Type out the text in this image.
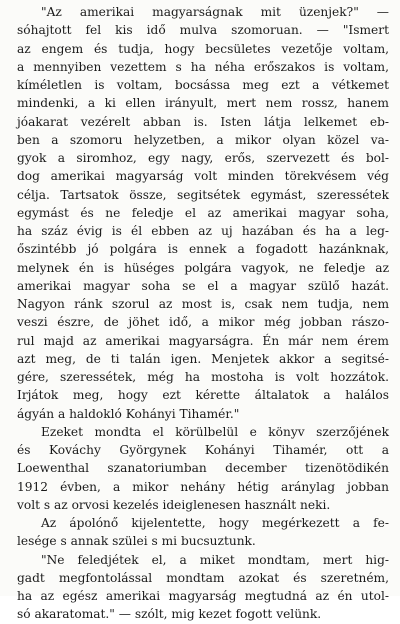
"Az amerikai magyarságnak mit üzenjek?" —
sóhajtott fel kis idő mulva szomoruan. — "Ismert
az engem és tudja, hogy becsületes vezetője voltam,
a mennyiben vezettem s ha néha erőszakos is voltam,
kíméletlen is voltam, bocsássa meg ezt a vétkemet
mindenki, a ki ellen irányult, mert nem rossz, hanem
jóakarat vezérelt abban is. Isten látja lelkemet eb-
ben a szomoru helyzetben, a mikor olyan közel va-
gyok a siromhoz, egy nagy, erős, szervezett és bol-
dog amerikai magyarság volt minden törekvésem vég
célja. Tartsatok össze, segitsétek egymást, szeressétek
egymást és ne feledje el az amerikai magyar soha,
ha száz évig is él ebben az uj hazában és ha a leg-
őszintébb jó polgára is ennek a fogadott hazánknak,
melynek én is hüséges polgára vagyok, ne feledje az
amerikai magyar soha se el a magyar szülő hazát.
Nagyon ránk szorul az most is, csak nem tudja, nem
veszi észre, de jöhet idő, a mikor még jobban rászo-
rul majd az amerikai magyarságra. Én már nem érem
azt meg, de ti talán igen. Menjetek akkor a segitsé-
gére, szeressétek, még ha mostoha is volt hozzátok.
Irjátok meg, hogy ezt kérette általatok a halálos
ágyán a haldokló Kohányi Tihamér."

Ezeket mondta el körülbelül e könyv szerzőjének
és Kováchy Györgynek Kohányi Tihamér, ott a
Loewenthal szanatoriumban december tizenötödikén
1912 évben, a mikor nehány hétig aránylag jobban
volt s az orvosi kezelés ideiglenesen használt neki.

Az ápolónő kijelentette, hogy megérkezett a fe-
lesége s annak szülei s mi bucsuztunk.

"Ne feledjétek el, a miket mondtam, mert hig-
gadt megfontolással mondtam azokat és szeretném,
ha az egész amerikai magyarság megtudná az én utol-
só akaratomat." — szólt, mig kezet fogott velünk.
